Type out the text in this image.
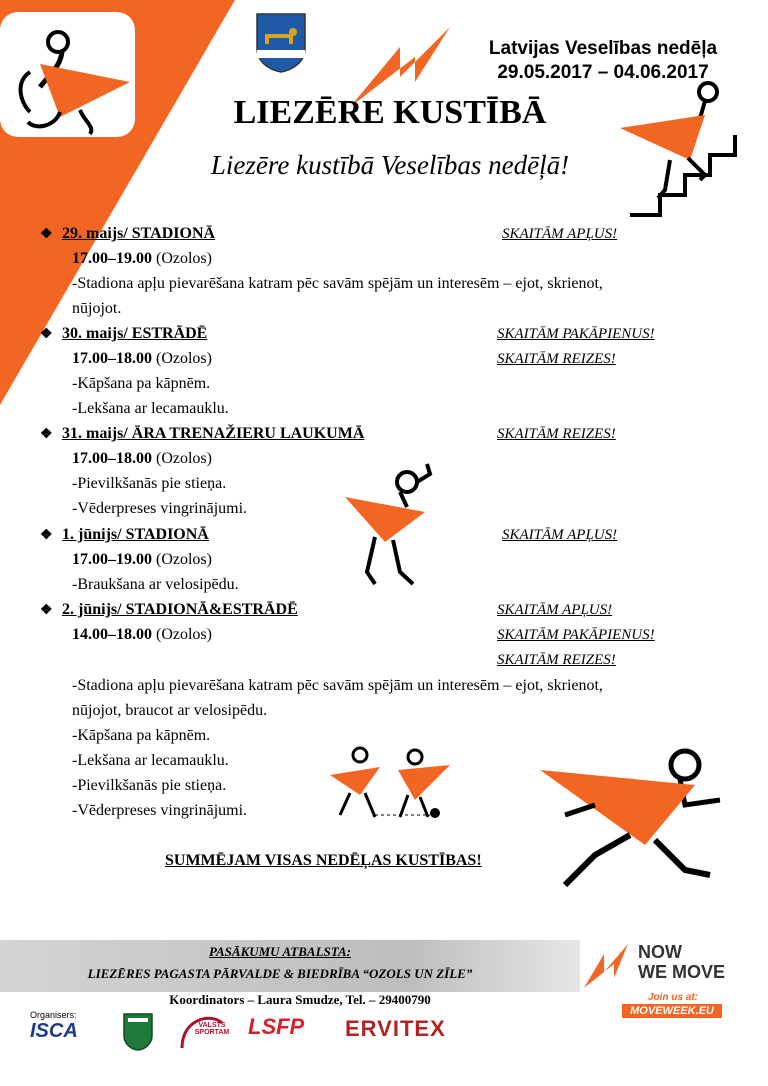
Latvijas Veselības nedēļa
29.05.2017 – 04.06.2017
LIEZĒRE KUSTĪBĀ
Liezēre kustībā Veselības nedēļā!
❖ 29. maijs/ STADIONĀ	SKAITĀM APĻUS!
17.00–19.00 (Ozolos)
-Stadiona apļu pievarēšana katram pēc savām spējām un interesēm – ejot, skrienot,
nūjojot.
❖ 30. maijs/ ESTRĀDĒ	SKAITĀM PAKĀPIENUS!
17.00–18.00 (Ozolos)	SKAITĀM REIZES!
-Kāpšana pa kāpnēm.
-Lekšana ar lecamauklu.
❖ 31. maijs/ ĀRA TRENAŽIERU LAUKUMĀ	SKAITĀM REIZES!
17.00–18.00 (Ozolos)
-Pievilkšanās pie stieņa.
-Vēderpreses vingrinājumi.
❖ 1. jūnijs/ STADIONĀ	SKAITĀM APĻUS!
17.00–19.00 (Ozolos)
-Braukšana ar velosipēdu.
❖ 2. jūnijs/ STADIONĀ&ESTRĀDĒ	SKAITĀM APĻUS!
14.00–18.00 (Ozolos)	SKAITĀM PAKĀPIENUS!
SKAITĀM REIZES!
-Stadiona apļu pievarēšana katram pēc savām spējām un interesēm – ejot, skrienot,
nūjojot, braucot ar velosipēdu.
-Kāpšana pa kāpnēm.
-Lekšana ar lecamauklu.
-Pievilkšanās pie stieņa.
-Vēderpreses vingrinājumi.
SUMMĒJAM VISAS NEDĒĻAS KUSTĪBAS!
PASĀKUMU ATBALSTA:
LIEZĒRES PAGASTA PĀRVALDE & BIEDRĪBA “OZOLS UN ZĪLE”
Koordinators – Laura Smudze, Tel. – 29400790
NOW
WE MOVE
Join us at:
MOVEWEEK.EU
Organisers:
ISCA	VALSTS SPORTAM LSFP ERVITEX
